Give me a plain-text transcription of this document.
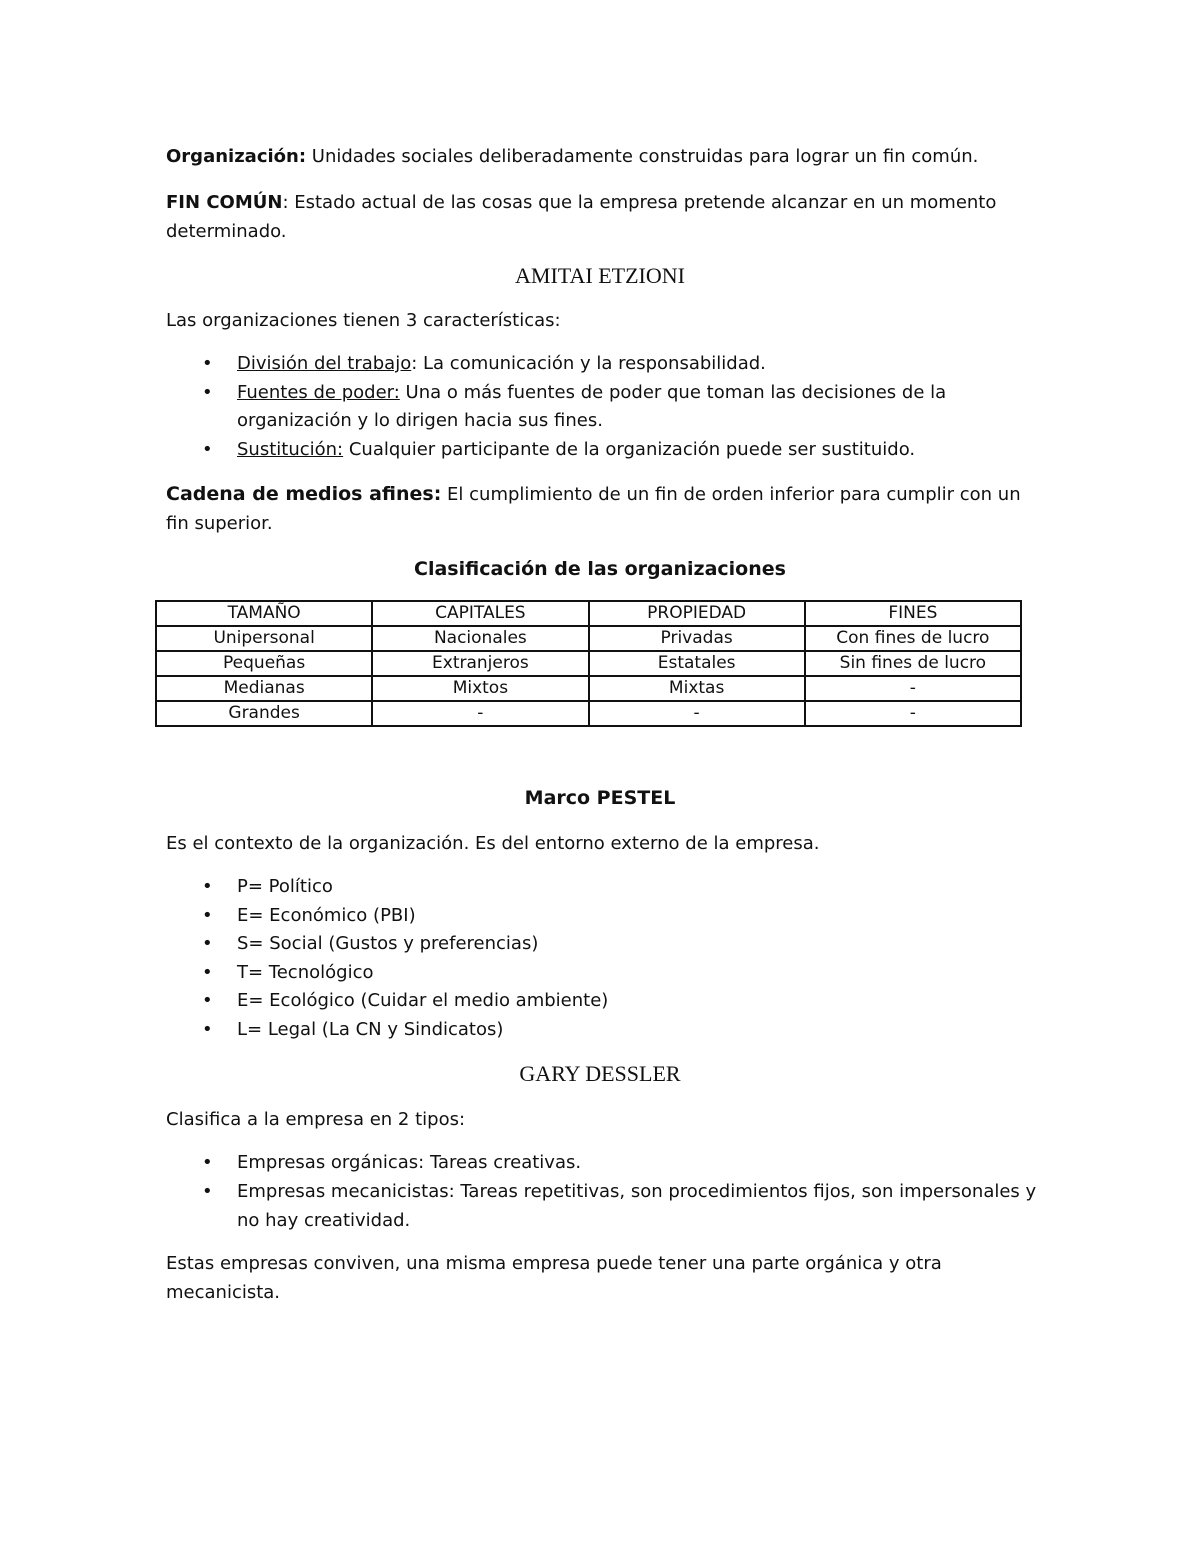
Organización: Unidades sociales deliberadamente construidas para lograr un fin común.

FIN COMÚN: Estado actual de las cosas que la empresa pretende alcanzar en un momento determinado.

AMITAI ETZIONI

Las organizaciones tienen 3 características:

• División del trabajo: La comunicación y la responsabilidad.
• Fuentes de poder: Una o más fuentes de poder que toman las decisiones de la organización y lo dirigen hacia sus fines.
• Sustitución: Cualquier participante de la organización puede ser sustituido.

Cadena de medios afines: El cumplimiento de un fin de orden inferior para cumplir con un fin superior.

Clasificación de las organizaciones
TAMAÑO	CAPITALES	PROPIEDAD	FINES
Unipersonal	Nacionales	Privadas	Con fines de lucro
Pequeñas	Extranjeros	Estatales	Sin fines de lucro
Medianas	Mixtos	Mixtas	-
Grandes	-	-	-
Marco PESTEL

Es el contexto de la organización. Es del entorno externo de la empresa.

• P= Político
• E= Económico (PBI)
• S= Social (Gustos y preferencias)
• T= Tecnológico
• E= Ecológico (Cuidar el medio ambiente)
• L= Legal (La CN y Sindicatos)
GARY DESSLER

Clasifica a la empresa en 2 tipos:

• Empresas orgánicas: Tareas creativas.
• Empresas mecanicistas: Tareas repetitivas, son procedimientos fijos, son impersonales y no hay creatividad.

Estas empresas conviven, una misma empresa puede tener una parte orgánica y otra mecanicista.
